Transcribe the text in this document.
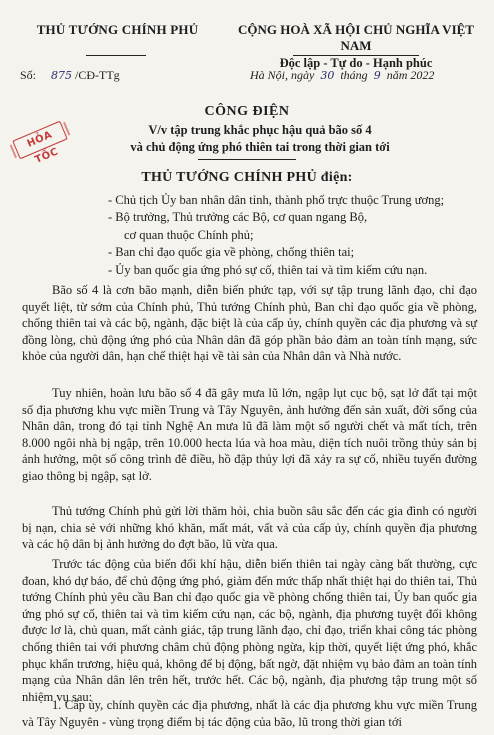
THỦ TƯỚNG CHÍNH PHỦ	CỘNG HOÀ XÃ HỘI CHỦ NGHĨA VIỆT NAM
Độc lập - Tự do - Hạnh phúc
Số: 875 /CĐ-TTg	Hà Nội, ngày 30 tháng 9 năm 2022
HỎA TỐC
CÔNG ĐIỆN
V/v tập trung khắc phục hậu quả bão số 4
và chủ động ứng phó thiên tai trong thời gian tới
THỦ TƯỚNG CHÍNH PHỦ điện:
- Chủ tịch Ủy ban nhân dân tỉnh, thành phố trực thuộc Trung ương;
- Bộ trưởng, Thủ trưởng các Bộ, cơ quan ngang Bộ,
cơ quan thuộc Chính phủ;
- Ban chỉ đạo quốc gia về phòng, chống thiên tai;
- Ủy ban quốc gia ứng phó sự cố, thiên tai và tìm kiếm cứu nạn.

Bão số 4 là cơn bão mạnh, diễn biến phức tạp, với sự tập trung lãnh đạo, chỉ đạo quyết liệt, từ sớm của Chính phủ, Thủ tướng Chính phủ, Ban chỉ đạo quốc gia về phòng, chống thiên tai và các bộ, ngành, đặc biệt là của cấp ủy, chính quyền các địa phương và sự đồng lòng, chủ động ứng phó của Nhân dân đã góp phần bảo đảm an toàn tính mạng, sức khỏe của người dân, hạn chế thiệt hại về tài sản của Nhân dân và Nhà nước.

Tuy nhiên, hoàn lưu bão số 4 đã gây mưa lũ lớn, ngập lụt cục bộ, sạt lở đất tại một số địa phương khu vực miền Trung và Tây Nguyên, ảnh hưởng đến sản xuất, đời sống của Nhân dân, trong đó tại tỉnh Nghệ An mưa lũ đã làm một số người chết và mất tích, trên 8.000 ngôi nhà bị ngập, trên 10.000 hecta lúa và hoa màu, diện tích nuôi trồng thủy sản bị ảnh hưởng, một số công trình đê điều, hồ đập thủy lợi đã xảy ra sự cố, nhiều tuyến đường giao thông bị ngập, sạt lở.

Thủ tướng Chính phủ gửi lời thăm hỏi, chia buồn sâu sắc đến các gia đình có người bị nạn, chia sẻ với những khó khăn, mất mát, vất vả của cấp ủy, chính quyền địa phương và các hộ dân bị ảnh hưởng do đợt bão, lũ vừa qua.

Trước tác động của biến đổi khí hậu, diễn biến thiên tai ngày càng bất thường, cực đoan, khó dự báo, để chủ động ứng phó, giảm đến mức thấp nhất thiệt hại do thiên tai, Thủ tướng Chính phủ yêu cầu Ban chỉ đạo quốc gia về phòng chống thiên tai, Ủy ban quốc gia ứng phó sự cố, thiên tai và tìm kiếm cứu nạn, các bộ, ngành, địa phương tuyệt đối không được lơ là, chủ quan, mất cảnh giác, tập trung lãnh đạo, chỉ đạo, triển khai công tác phòng chống thiên tai với phương châm chủ động phòng ngừa, kịp thời, quyết liệt ứng phó, khắc phục khẩn trương, hiệu quả, không để bị động, bất ngờ, đặt nhiệm vụ bảo đảm an toàn tính mạng của Nhân dân lên trên hết, trước hết. Các bộ, ngành, địa phương tập trung một số nhiệm vụ sau:

1. Cấp ủy, chính quyền các địa phương, nhất là các địa phương khu vực miền Trung và Tây Nguyên - vùng trọng điểm bị tác động của bão, lũ trong thời gian tới
